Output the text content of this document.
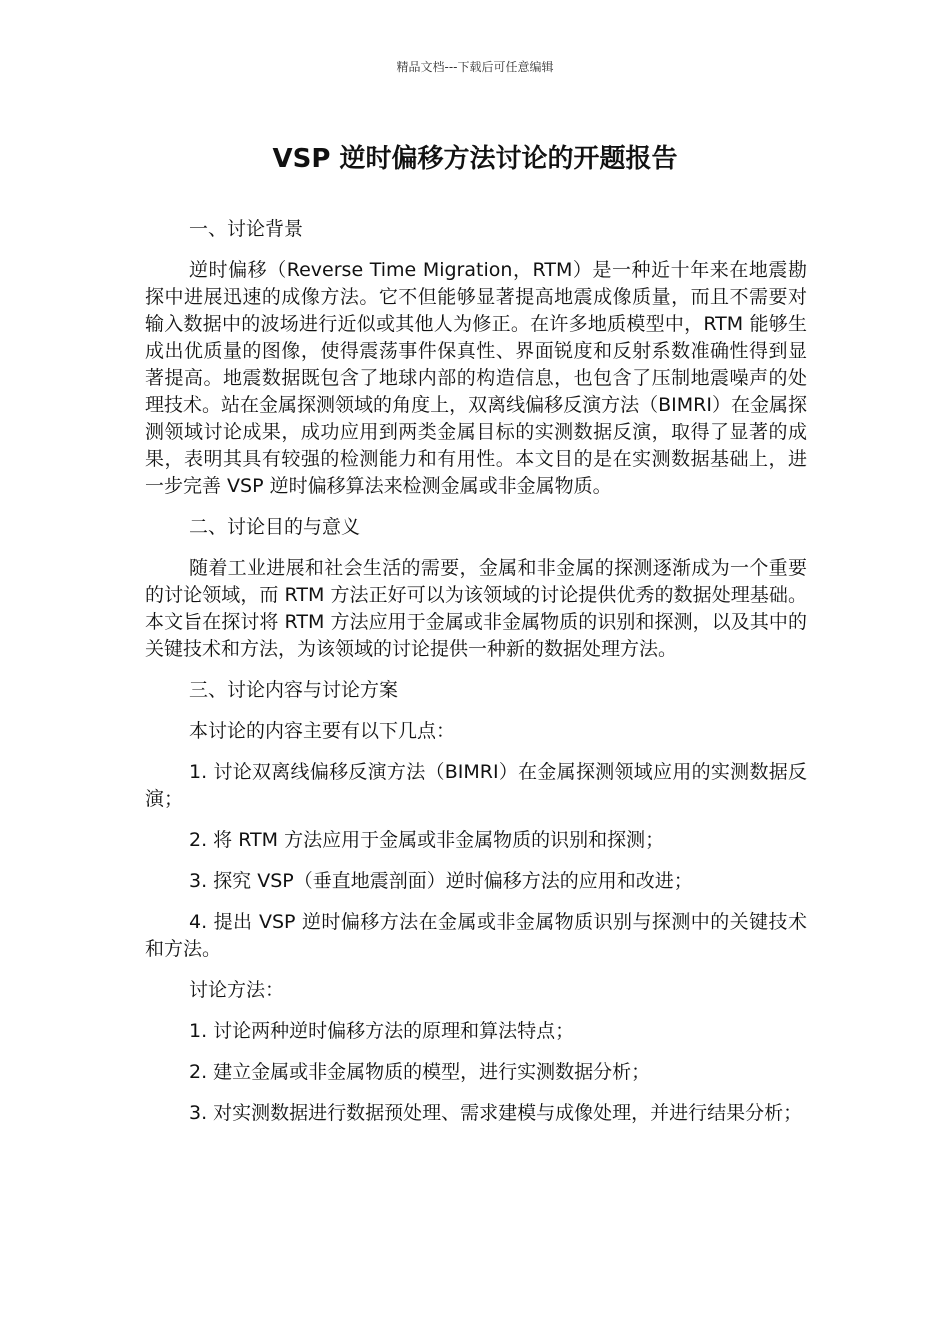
精品文档---下载后可任意编辑
VSP 逆时偏移方法讨论的开题报告

一、讨论背景

逆时偏移（Reverse Time Migration，RTM）是一种近十年来在地震勘探中进展迅速的成像方法。它不但能够显著提高地震成像质量，而且不需要对输入数据中的波场进行近似或其他人为修正。在许多地质模型中，RTM 能够生成出优质量的图像，使得震荡事件保真性、界面锐度和反射系数准确性得到显著提高。地震数据既包含了地球内部的构造信息，也包含了压制地震噪声的处理技术。站在金属探测领域的角度上，双离线偏移反演方法（BIMRI）在金属探测领域讨论成果，成功应用到两类金属目标的实测数据反演，取得了显著的成果，表明其具有较强的检测能力和有用性。本文目的是在实测数据基础上，进一步完善 VSP 逆时偏移算法来检测金属或非金属物质。

二、讨论目的与意义

随着工业进展和社会生活的需要，金属和非金属的探测逐渐成为一个重要的讨论领域，而 RTM 方法正好可以为该领域的讨论提供优秀的数据处理基础。本文旨在探讨将 RTM 方法应用于金属或非金属物质的识别和探测，以及其中的关键技术和方法，为该领域的讨论提供一种新的数据处理方法。

三、讨论内容与讨论方案

本讨论的内容主要有以下几点：

1. 讨论双离线偏移反演方法（BIMRI）在金属探测领域应用的实测数据反演；

2. 将 RTM 方法应用于金属或非金属物质的识别和探测；

3. 探究 VSP（垂直地震剖面）逆时偏移方法的应用和改进；

4. 提出 VSP 逆时偏移方法在金属或非金属物质识别与探测中的关键技术和方法。

讨论方法：

1. 讨论两种逆时偏移方法的原理和算法特点；

2. 建立金属或非金属物质的模型，进行实测数据分析；

3. 对实测数据进行数据预处理、需求建模与成像处理，并进行结果分析；
